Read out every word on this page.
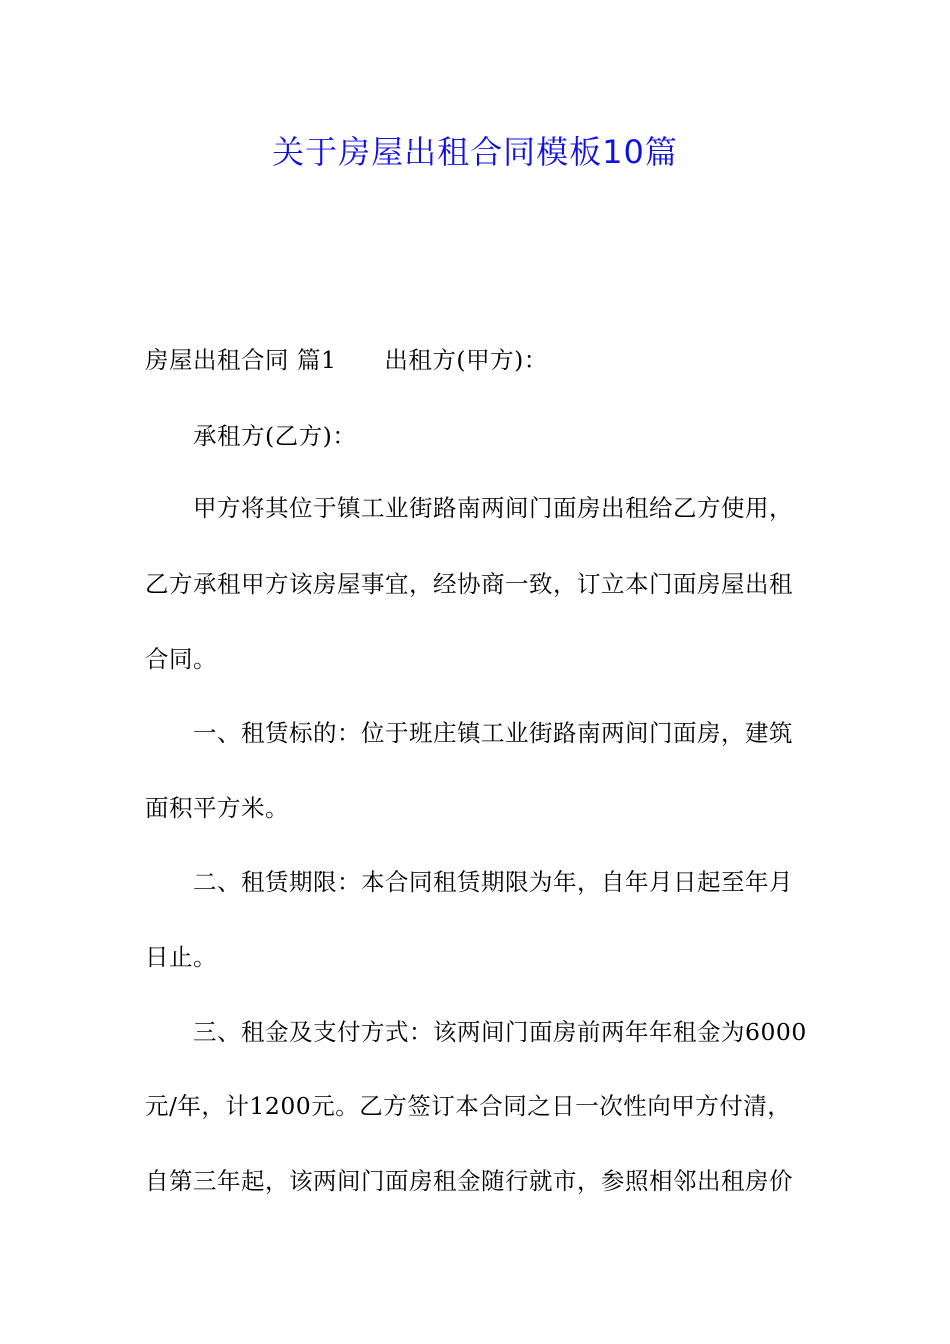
关于房屋出租合同模板10篇
房屋出租合同 篇1 出租方(甲方)：
承租方(乙方)：
甲方将其位于镇工业街路南两间门面房出租给乙方使用，
乙方承租甲方该房屋事宜，经协商一致，订立本门面房屋出租
合同。
一、租赁标的：位于班庄镇工业街路南两间门面房，建筑
面积平方米。
二、租赁期限：本合同租赁期限为年，自年月日起至年月
日止。
三、租金及支付方式：该两间门面房前两年年租金为6000
元/年，计1200元。乙方签订本合同之日一次性向甲方付清，
自第三年起，该两间门面房租金随行就市，参照相邻出租房价
